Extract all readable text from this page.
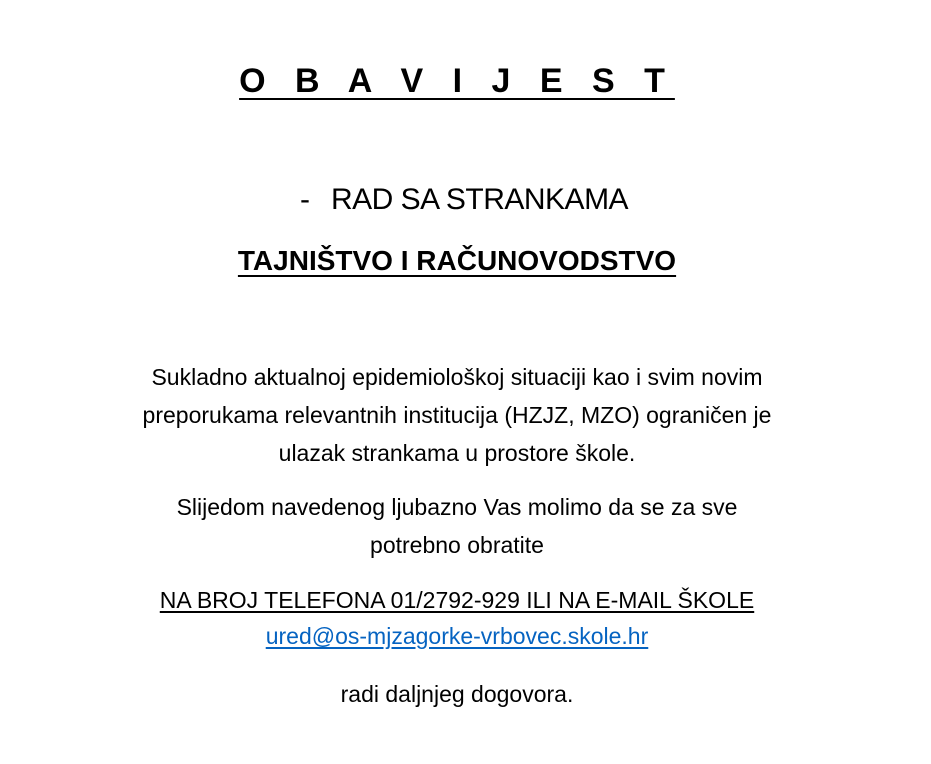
O B A V I J E S T
- RAD SA STRANKAMA
TAJNIŠTVO I RAČUNOVODSTVO
Sukladno aktualnoj epidemiološkoj situaciji kao i svim novim
preporukama relevantnih institucija (HZJZ, MZO) ograničen je
ulazak strankama u prostore škole.
Slijedom navedenog ljubazno Vas molimo da se za sve
potrebno obratite
NA BROJ TELEFONA 01/2792-929 ILI NA E-MAIL ŠKOLE
ured@os-mjzagorke-vrbovec.skole.hr
radi daljnjeg dogovora.
